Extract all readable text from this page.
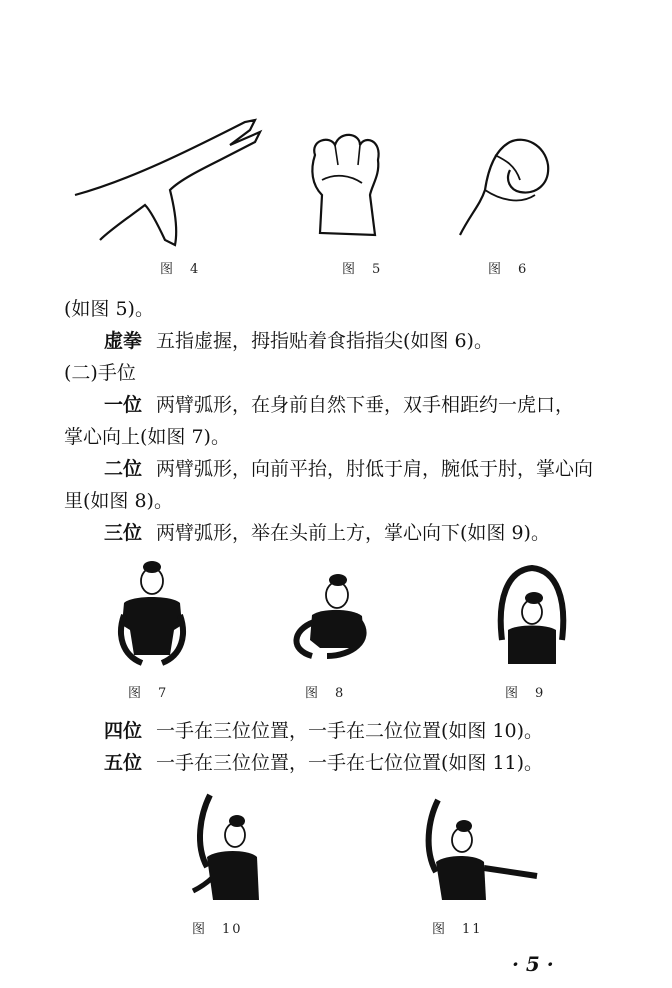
图　4	图　5	图　6
(如图 5)。
虚拳 五指虚握，拇指贴着食指指尖(如图 6)。
(二)手位
一位 两臂弧形，在身前自然下垂，双手相距约一虎口，
掌心向上(如图 7)。
二位 两臂弧形，向前平抬，肘低于肩，腕低于肘，掌心向
里(如图 8)。
三位 两臂弧形，举在头前上方，掌心向下(如图 9)。
图　7	图　8	图　9
四位 一手在三位位置，一手在二位位置(如图 10)。
五位 一手在三位位置，一手在七位位置(如图 11)。
图　10	图　11
· 5 ·
